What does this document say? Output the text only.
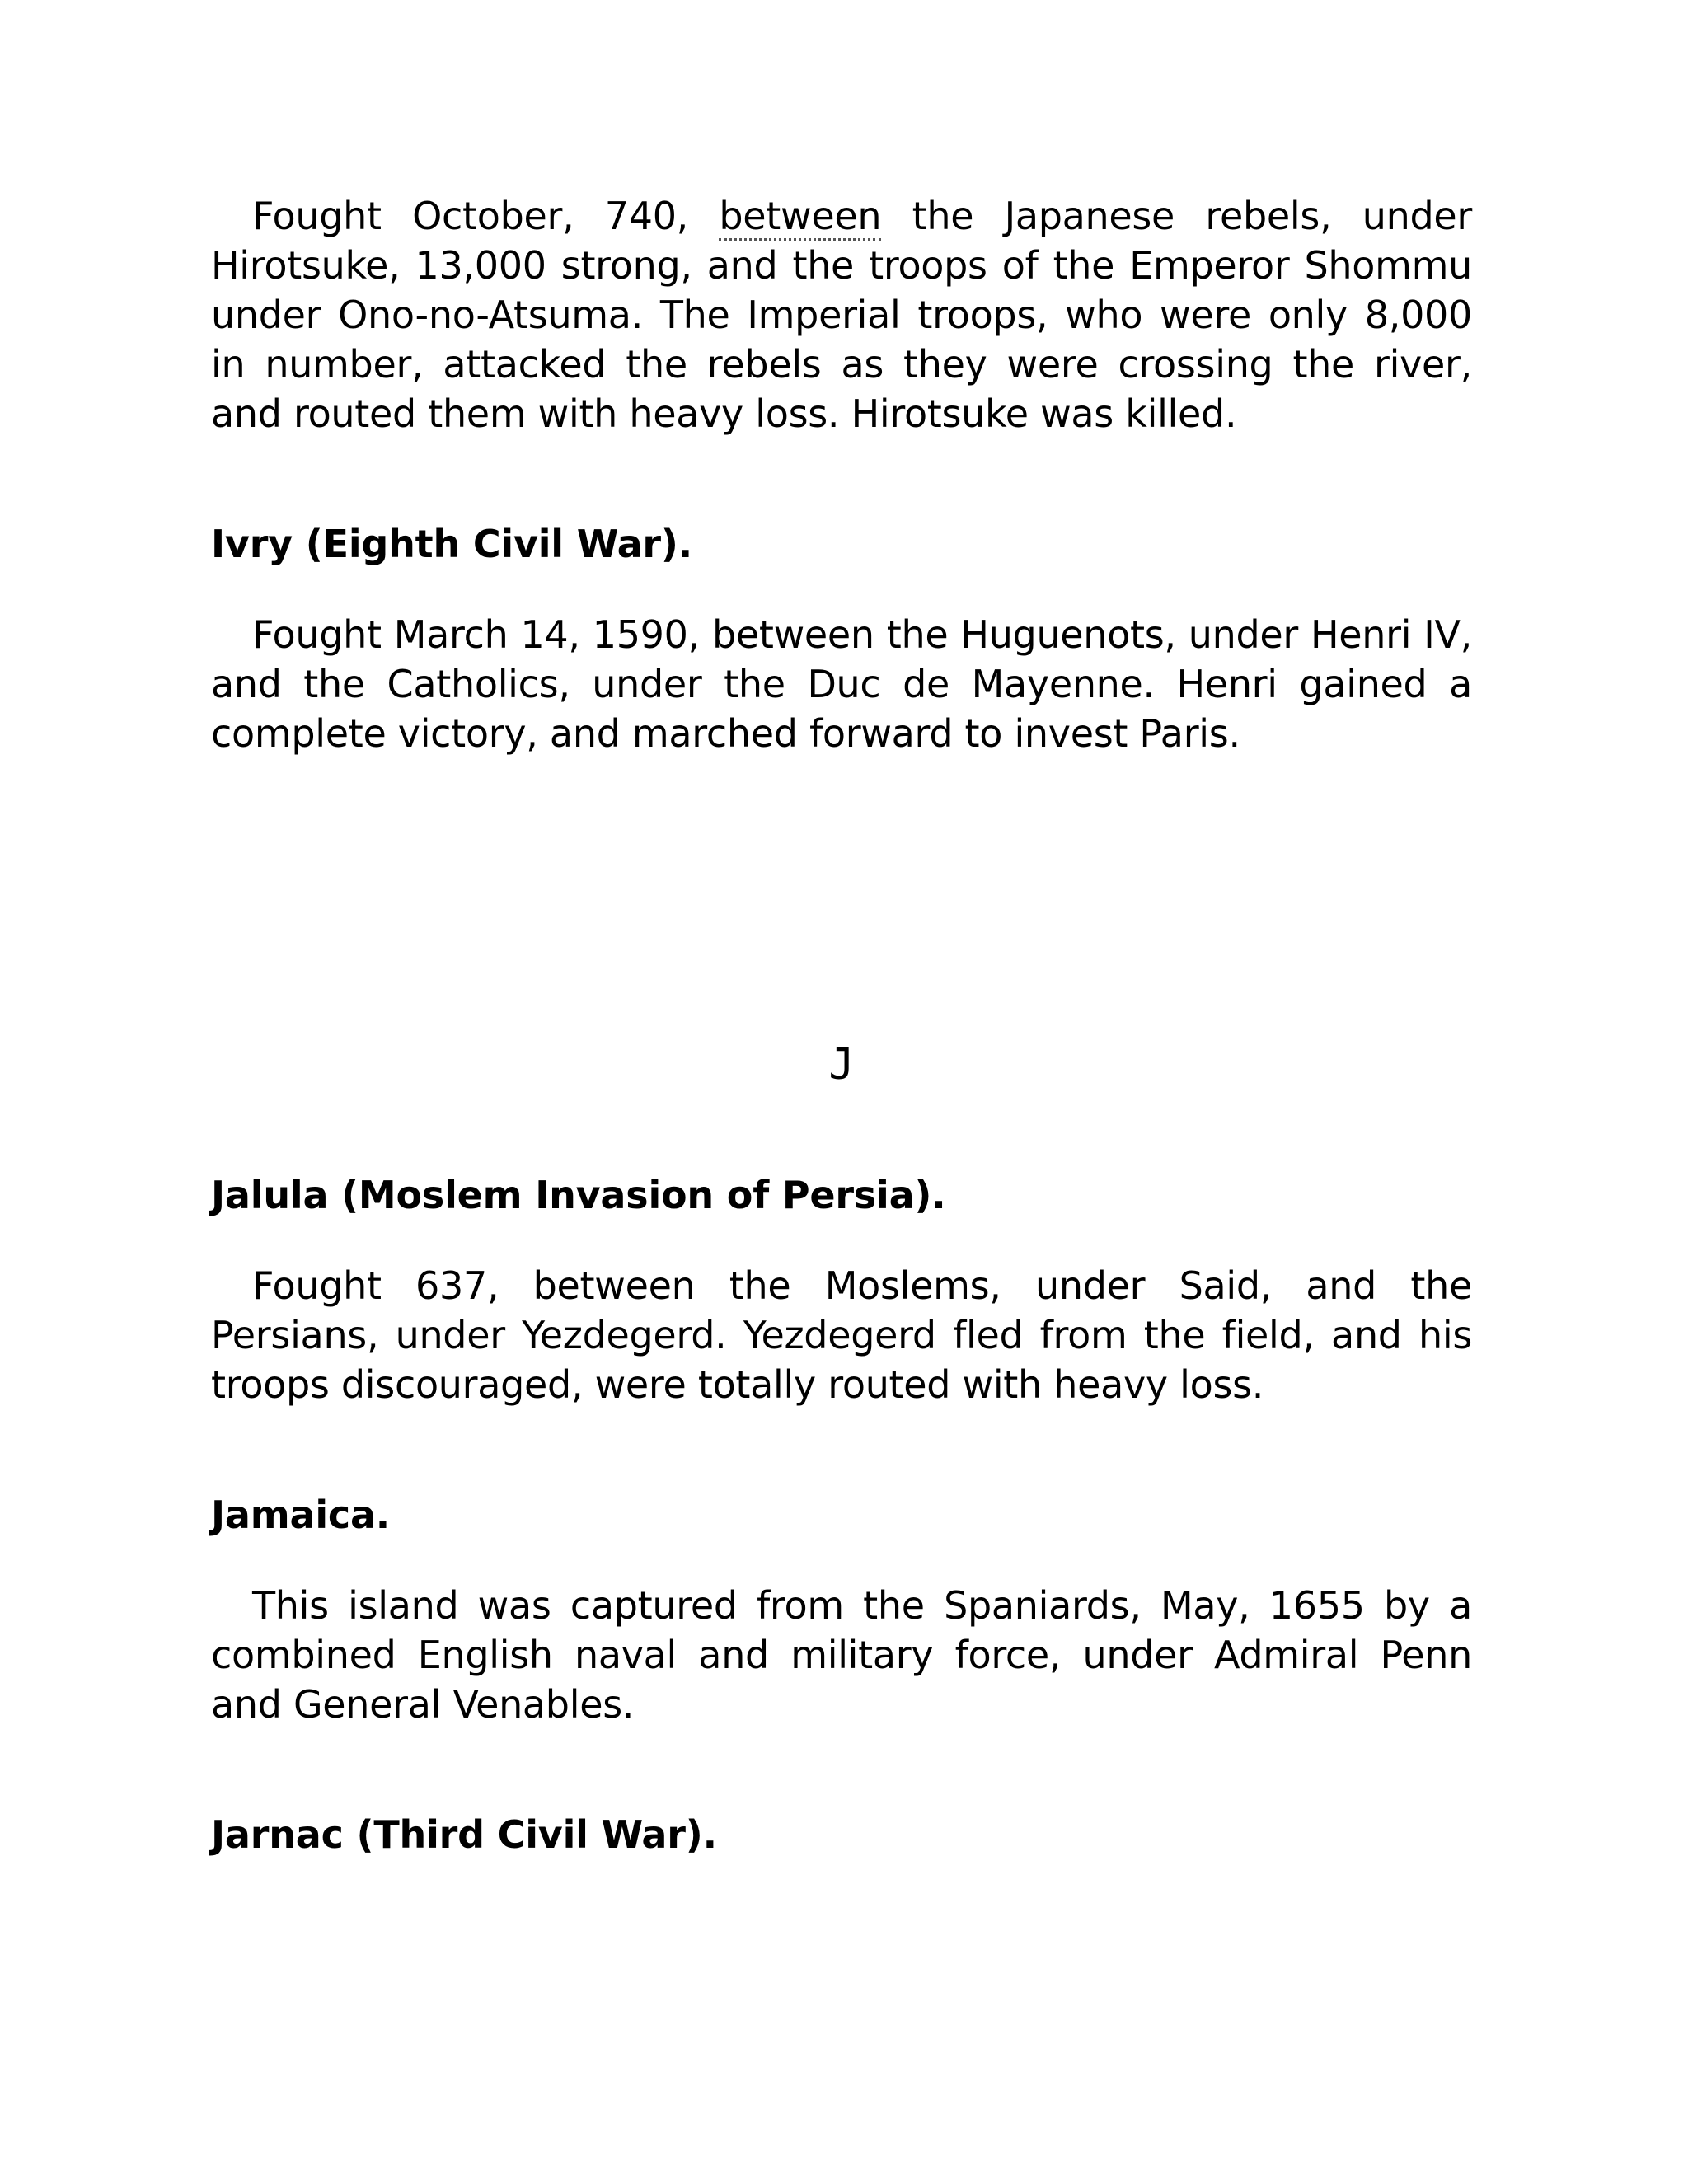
Fought October, 740, between the Japanese rebels, under Hirotsuke, 13,000 strong, and the troops of the Emperor Shommu under Ono-no-Atsuma. The Imperial troops, who were only 8,000 in number, attacked the rebels as they were crossing the river, and routed them with heavy loss. Hirotsuke was killed.

Ivry (Eighth Civil War).

Fought March 14, 1590, between the Huguenots, under Henri IV, and the Catholics, under the Duc de Mayenne. Henri gained a complete victory, and marched forward to invest Paris.

J
Jalula (Moslem Invasion of Persia).

Fought 637, between the Moslems, under Said, and the Persians, under Yezdegerd. Yezdegerd fled from the field, and his troops discouraged, were totally routed with heavy loss.

Jamaica.

This island was captured from the Spaniards, May, 1655 by a combined English naval and military force, under Admiral Penn and General Venables.

Jarnac (Third Civil War).
